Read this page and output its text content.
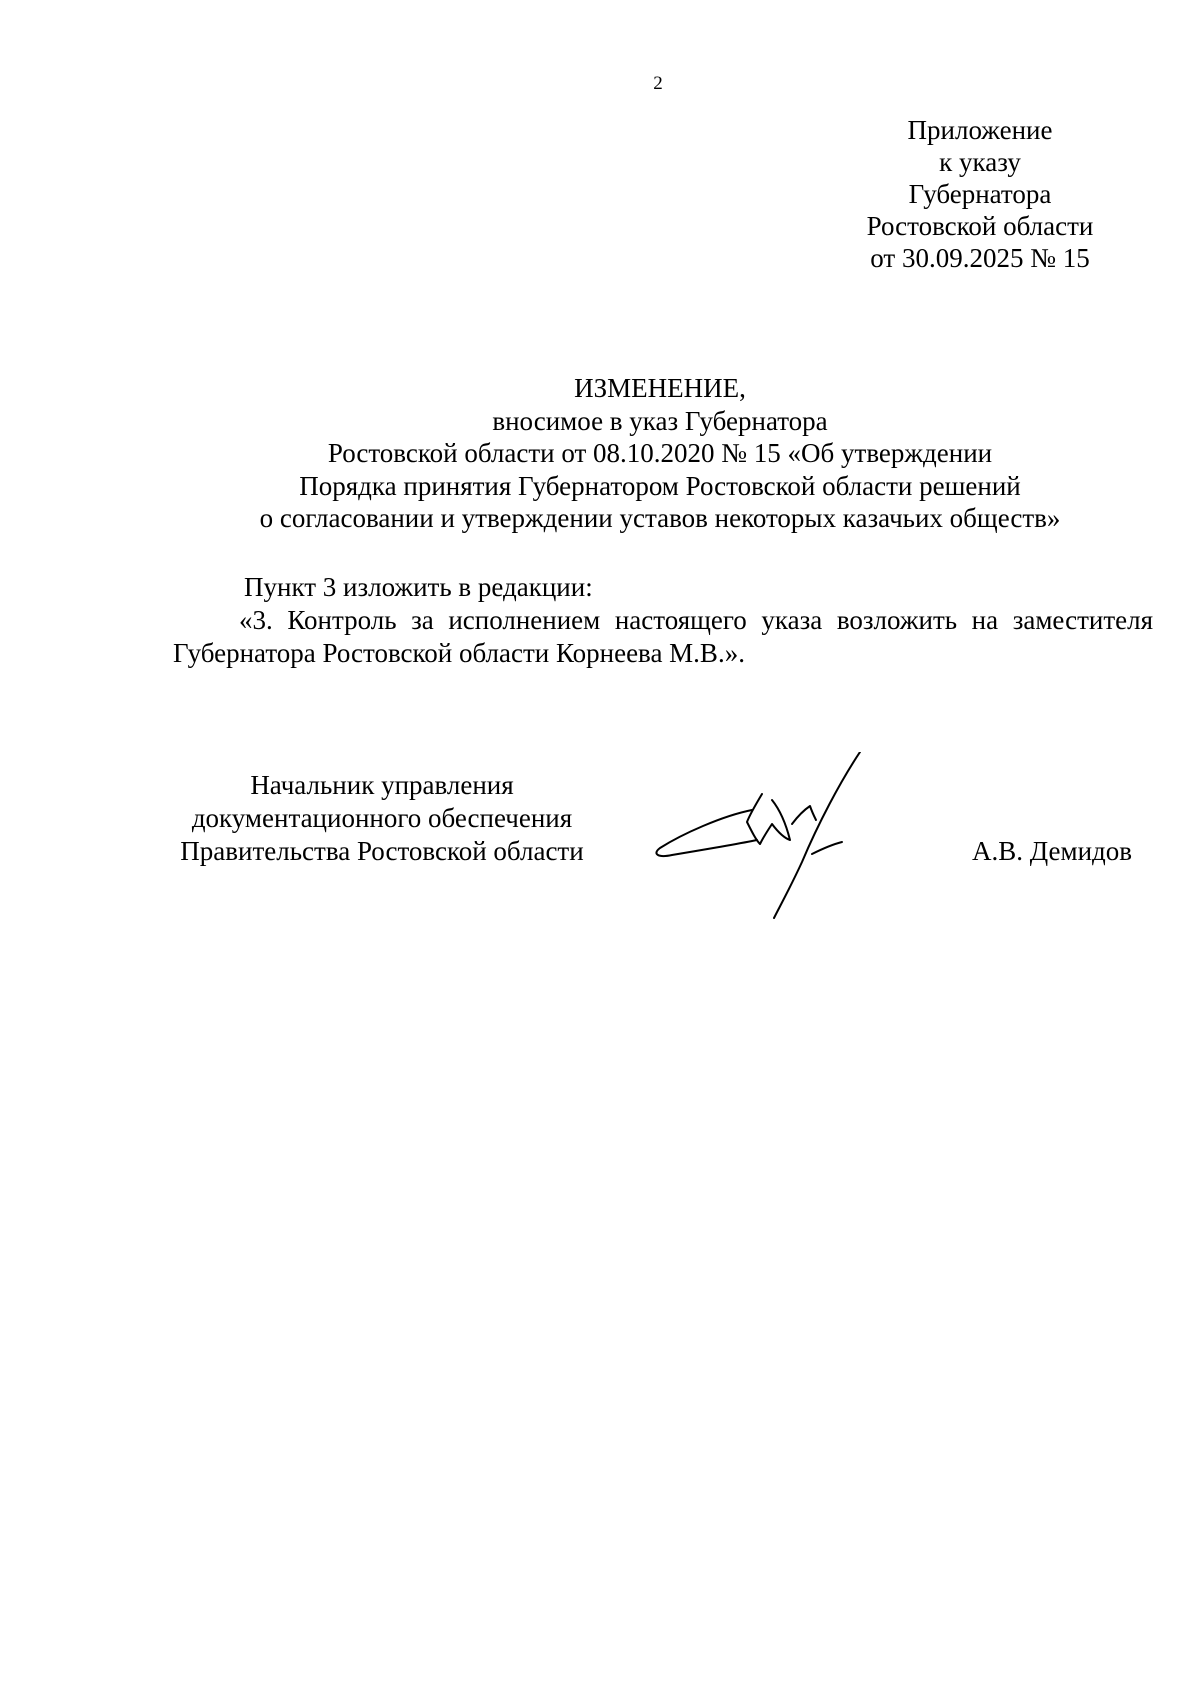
2
Приложение
к указу
Губернатора
Ростовской области
от 30.09.2025 № 15
ИЗМЕНЕНИЕ,
вносимое в указ Губернатора
Ростовской области от 08.10.2020 № 15 «Об утверждении
Порядка принятия Губернатором Ростовской области решений
о согласовании и утверждении уставов некоторых казачьих обществ»
Пункт 3 изложить в редакции:
«3. Контроль за исполнением настоящего указа возложить на заместителя Губернатора Ростовской области Корнеева М.В.».
Начальник управления
документационного обеспечения
Правительства Ростовской области	А.В. Демидов
